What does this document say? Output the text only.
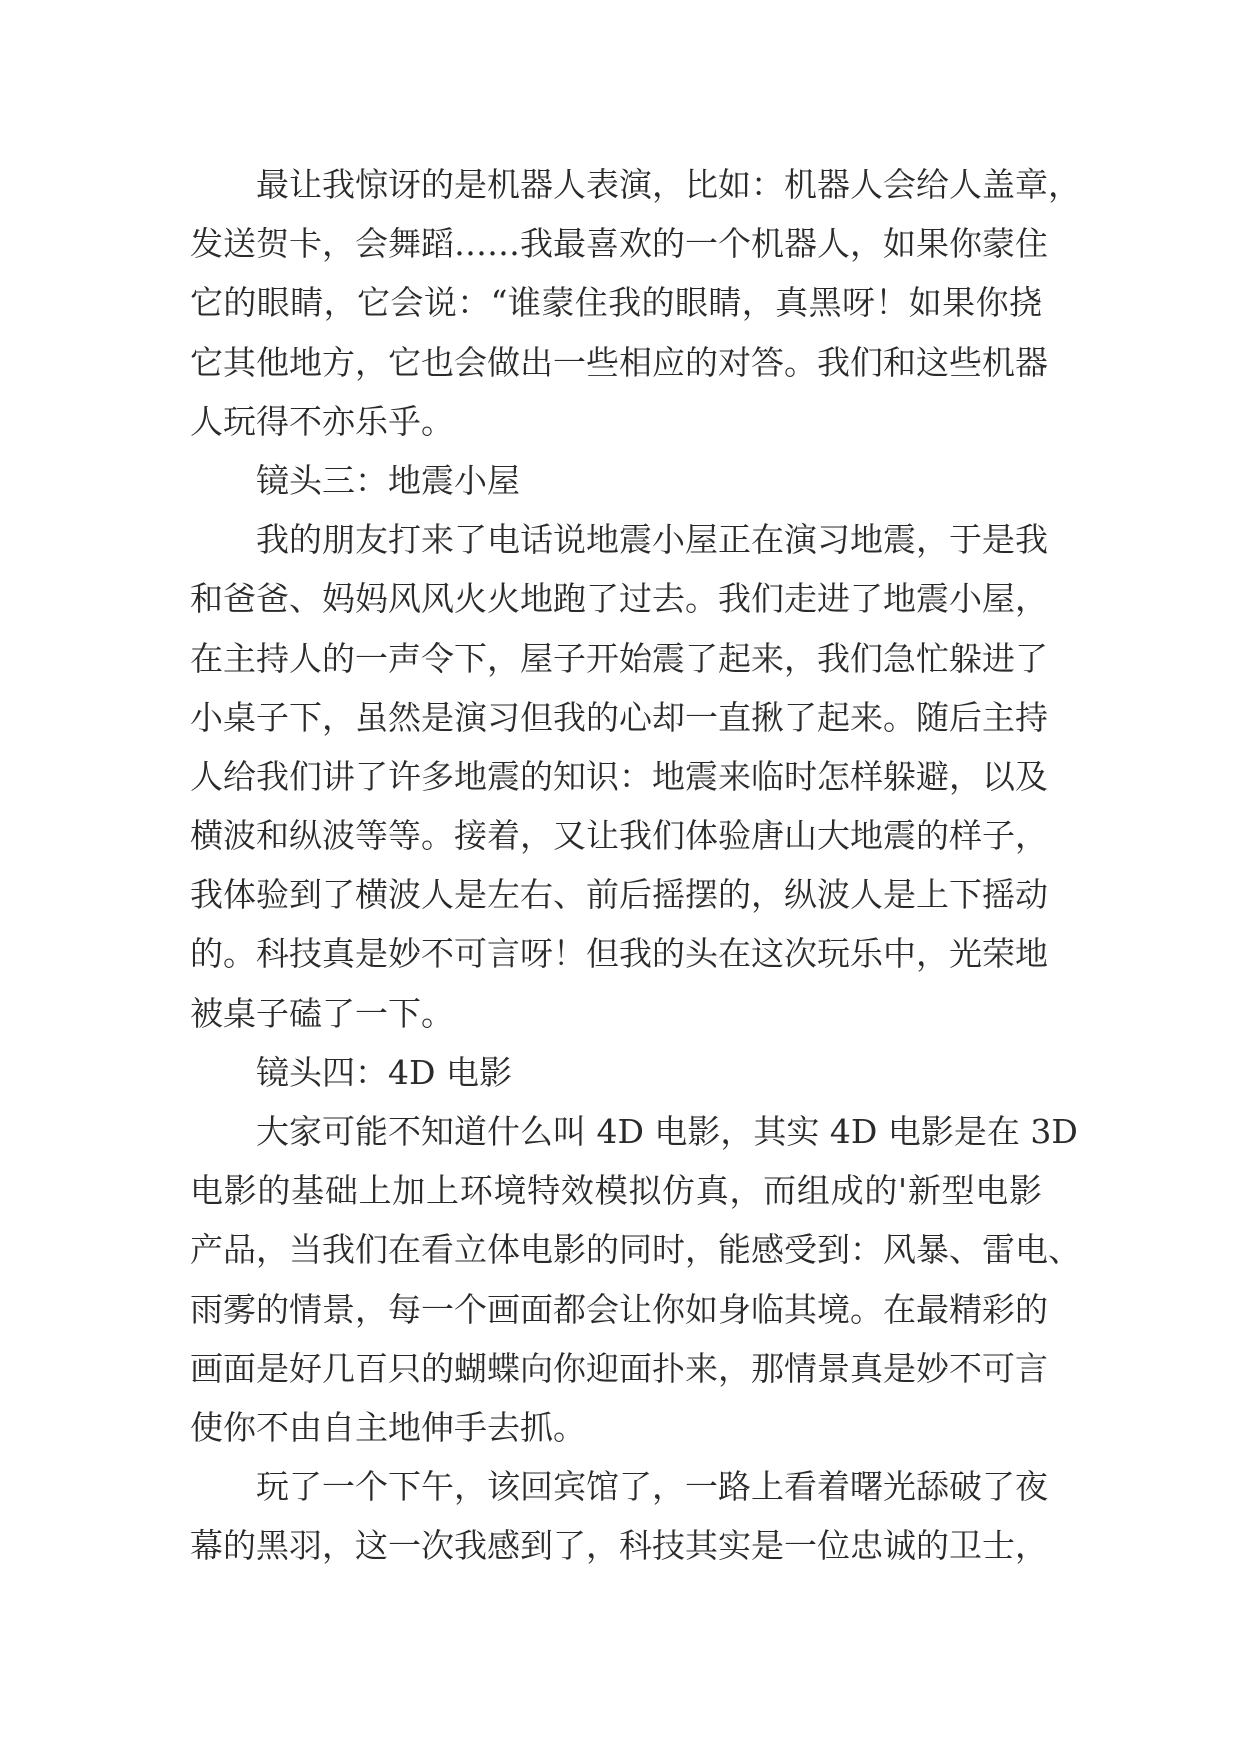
最让我惊讶的是机器人表演，比如：机器人会给人盖章，
发送贺卡，会舞蹈……我最喜欢的一个机器人，如果你蒙住
它的眼睛，它会说：“谁蒙住我的眼睛，真黑呀！如果你挠
它其他地方，它也会做出一些相应的对答。我们和这些机器
人玩得不亦乐乎。
镜头三：地震小屋
我的朋友打来了电话说地震小屋正在演习地震，于是我
和爸爸、妈妈风风火火地跑了过去。我们走进了地震小屋，
在主持人的一声令下，屋子开始震了起来，我们急忙躲进了
小桌子下，虽然是演习但我的心却一直揪了起来。随后主持
人给我们讲了许多地震的知识：地震来临时怎样躲避，以及
横波和纵波等等。接着，又让我们体验唐山大地震的样子，
我体验到了横波人是左右、前后摇摆的，纵波人是上下摇动
的。科技真是妙不可言呀！但我的头在这次玩乐中，光荣地
被桌子磕了一下。
镜头四：4D 电影
大家可能不知道什么叫 4D 电影，其实 4D 电影是在 3D
电影的基础上加上环境特效模拟仿真，而组成的'新型电影
产品，当我们在看立体电影的同时，能感受到：风暴、雷电、
雨雾的情景，每一个画面都会让你如身临其境。在最精彩的
画面是好几百只的蝴蝶向你迎面扑来，那情景真是妙不可言
使你不由自主地伸手去抓。
玩了一个下午，该回宾馆了，一路上看着曙光舔破了夜
幕的黑羽，这一次我感到了，科技其实是一位忠诚的卫士，
